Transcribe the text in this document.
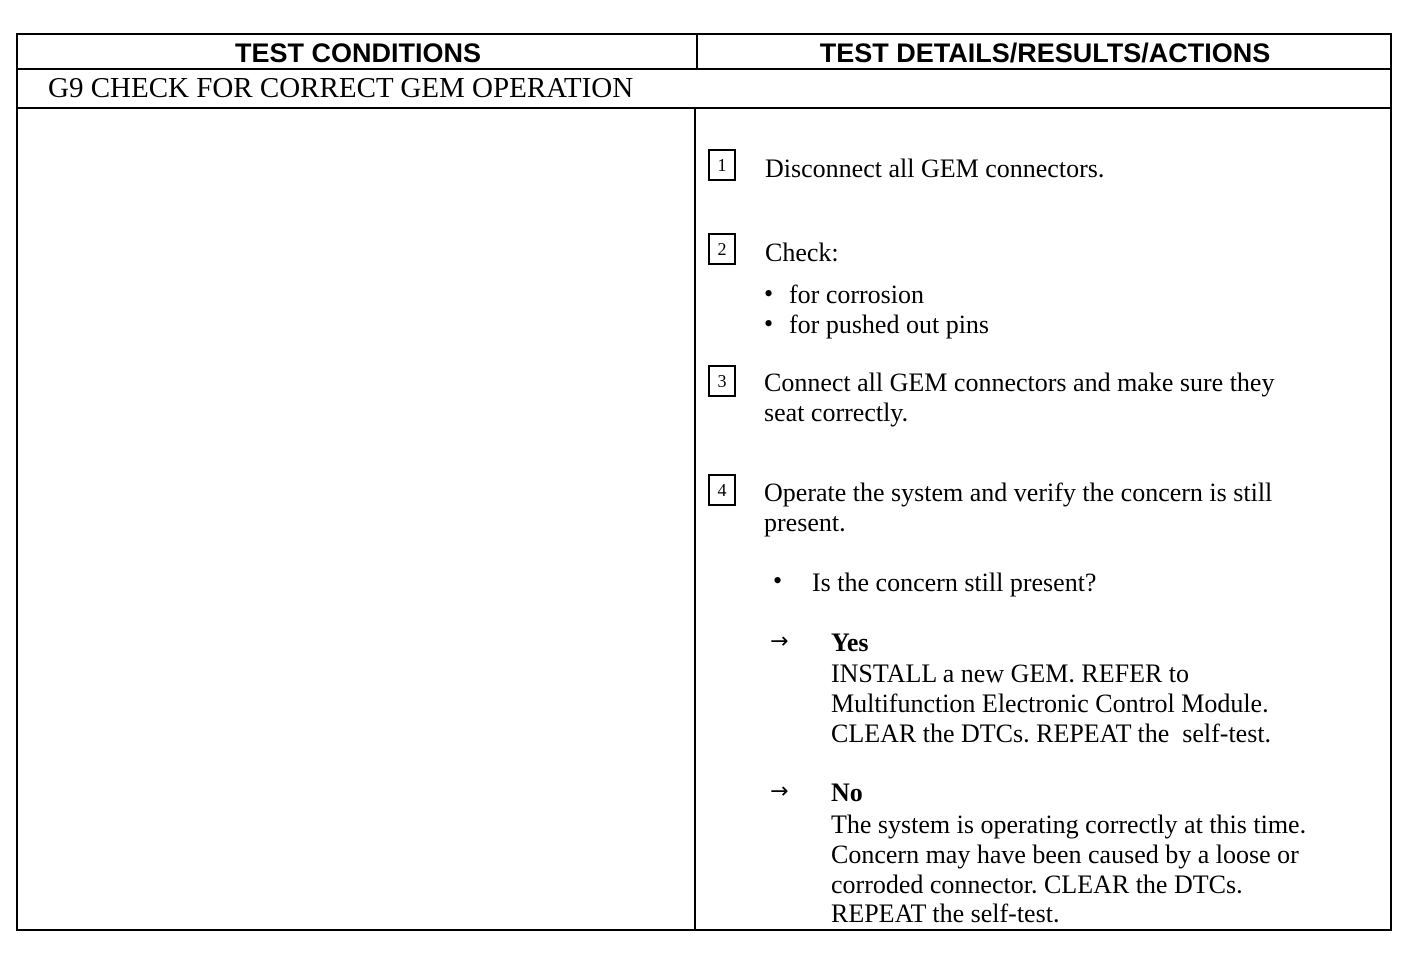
TEST CONDITIONS	TEST DETAILS/RESULTS/ACTIONS
G9 CHECK FOR CORRECT GEM OPERATION
1	Disconnect all GEM connectors.
2	Check:
• for corrosion
• for pushed out pins
3	Connect all GEM connectors and make sure they
seat correctly.
4	Operate the system and verify the concern is still
present.
• Is the concern still present?
→ Yes
INSTALL a new GEM. REFER to
Multifunction Electronic Control Module.
CLEAR the DTCs. REPEAT the  self-test.
→ No
The system is operating correctly at this time.
Concern may have been caused by a loose or
corroded connector. CLEAR the DTCs.
REPEAT the self-test.
